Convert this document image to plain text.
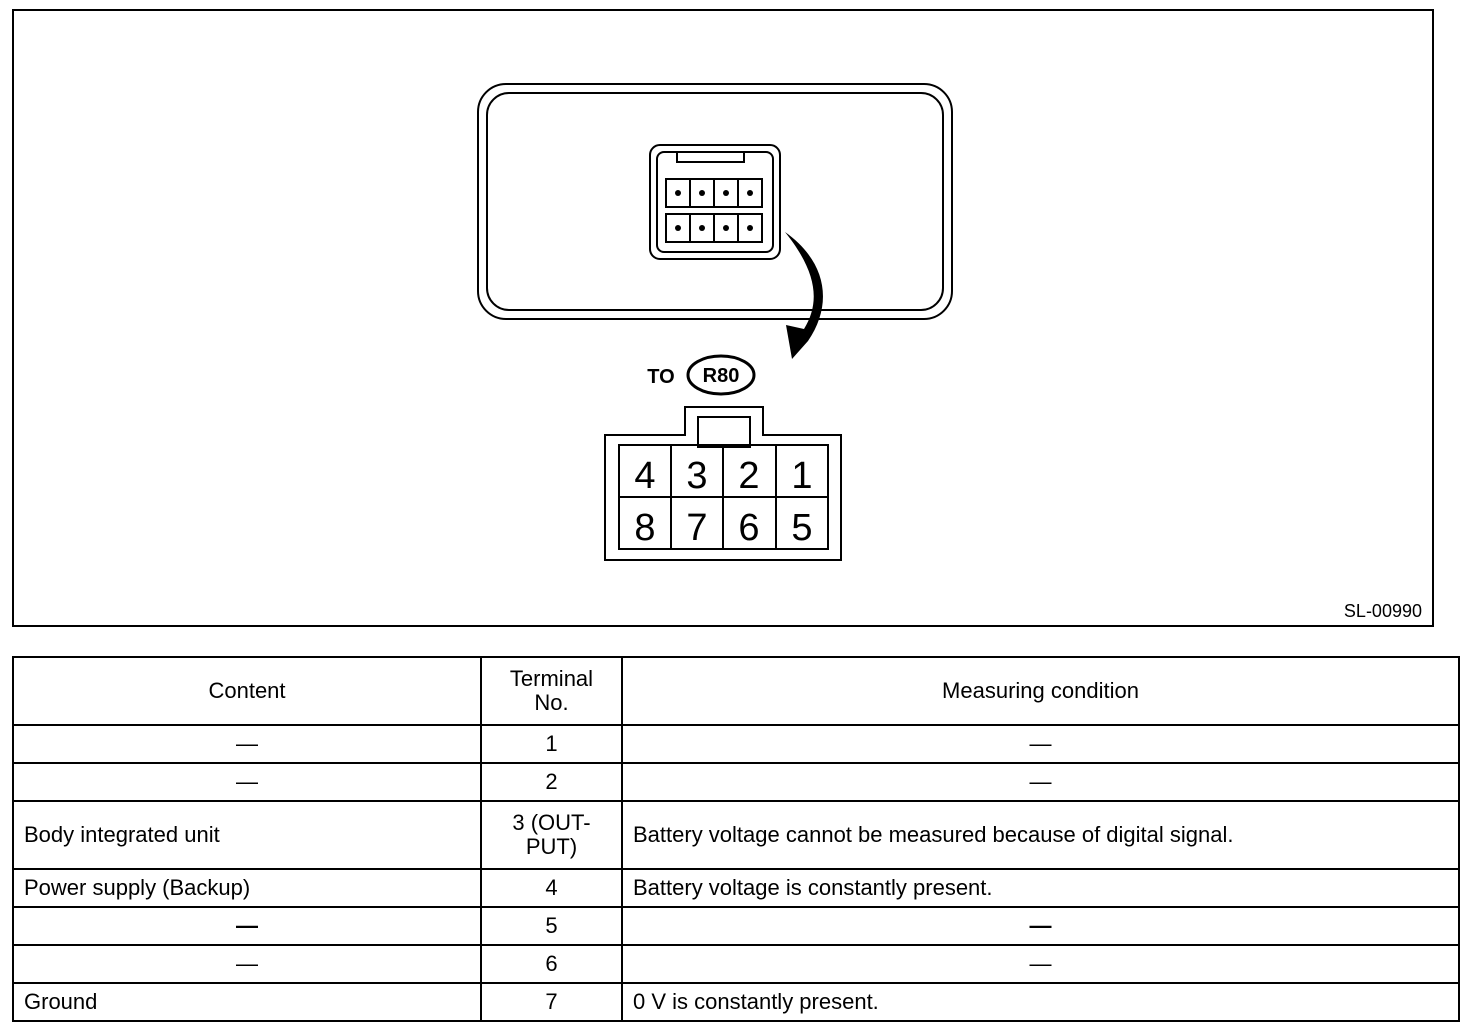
TO R80
4 3 2 1
8 7 6 5
SL-00990
Content	Terminal No.	Measuring condition
—	1	—
—	2	—
Body integrated unit	3 (OUT-PUT)	Battery voltage cannot be measured because of digital signal.
Power supply (Backup)	4	Battery voltage is constantly present.
—	5	—
—	6	—
Ground	7	0 V is constantly present.
